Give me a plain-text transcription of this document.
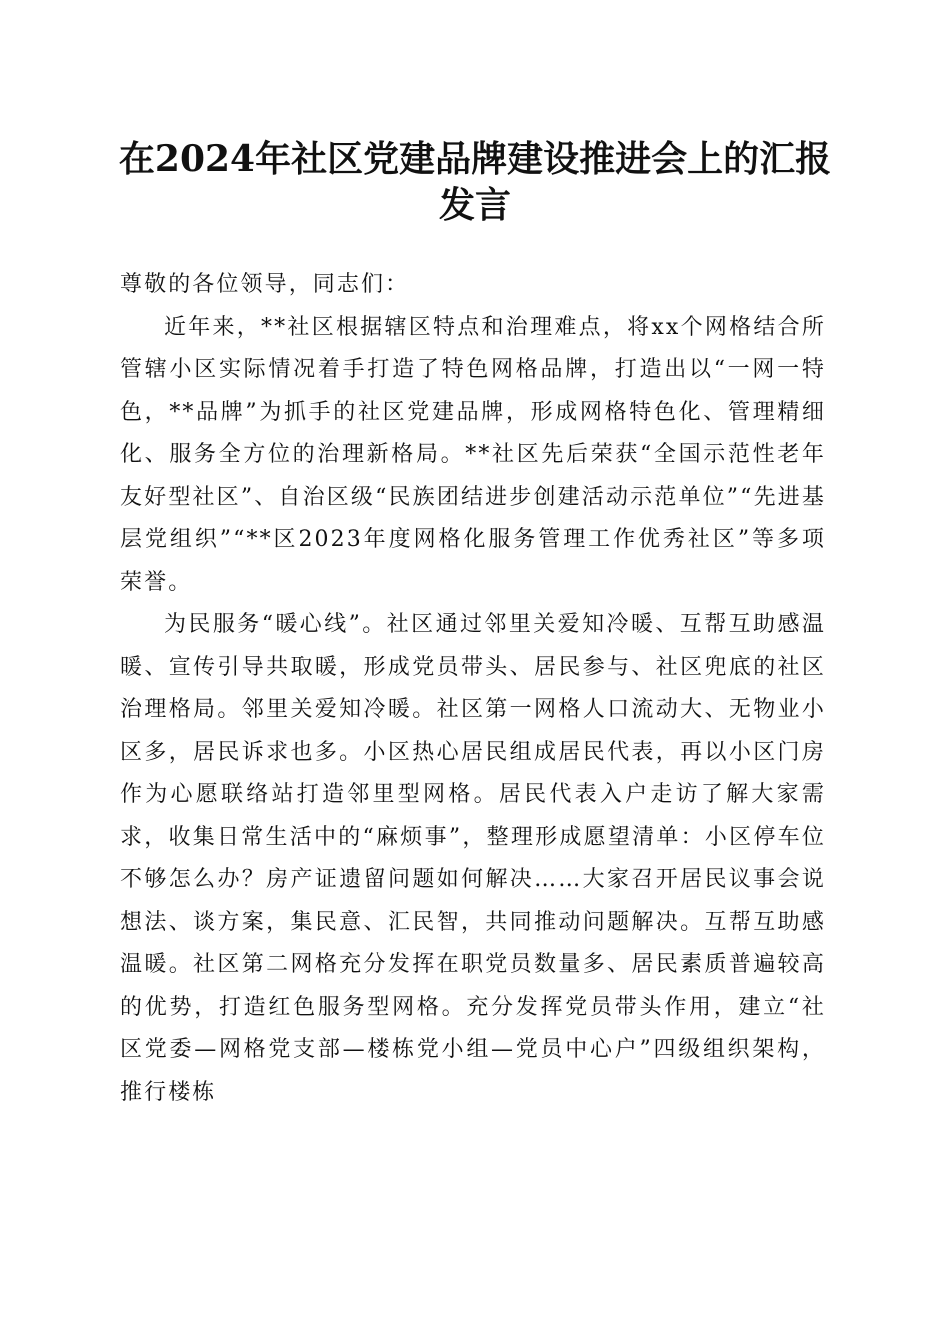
在2024年社区党建品牌建设推进会上的汇报
发言

尊敬的各位领导，同志们：

近年来，**社区根据辖区特点和治理难点，将xx个网格结合所管辖小区实际情况着手打造了特色网格品牌，打造出以“一网一特色，**品牌”为抓手的社区党建品牌，形成网格特色化、管理精细化、服务全方位的治理新格局。**社区先后荣获“全国示范性老年友好型社区”、自治区级“民族团结进步创建活动示范单位”“先进基层党组织”“**区2023年度网格化服务管理工作优秀社区”等多项荣誉。

为民服务“暖心线”。社区通过邻里关爱知冷暖、互帮互助感温暖、宣传引导共取暖，形成党员带头、居民参与、社区兜底的社区治理格局。邻里关爱知冷暖。社区第一网格人口流动大、无物业小区多，居民诉求也多。小区热心居民组成居民代表，再以小区门房作为心愿联络站打造邻里型网格。居民代表入户走访了解大家需求，收集日常生活中的“麻烦事”，整理形成愿望清单：小区停车位不够怎么办？房产证遗留问题如何解决……大家召开居民议事会说想法、谈方案，集民意、汇民智，共同推动问题解决。互帮互助感温暖。社区第二网格充分发挥在职党员数量多、居民素质普遍较高的优势，打造红色服务型网格。充分发挥党员带头作用，建立“社区党委—网格党支部—楼栋党小组—党员中心户”四级组织架构，推行楼栋
